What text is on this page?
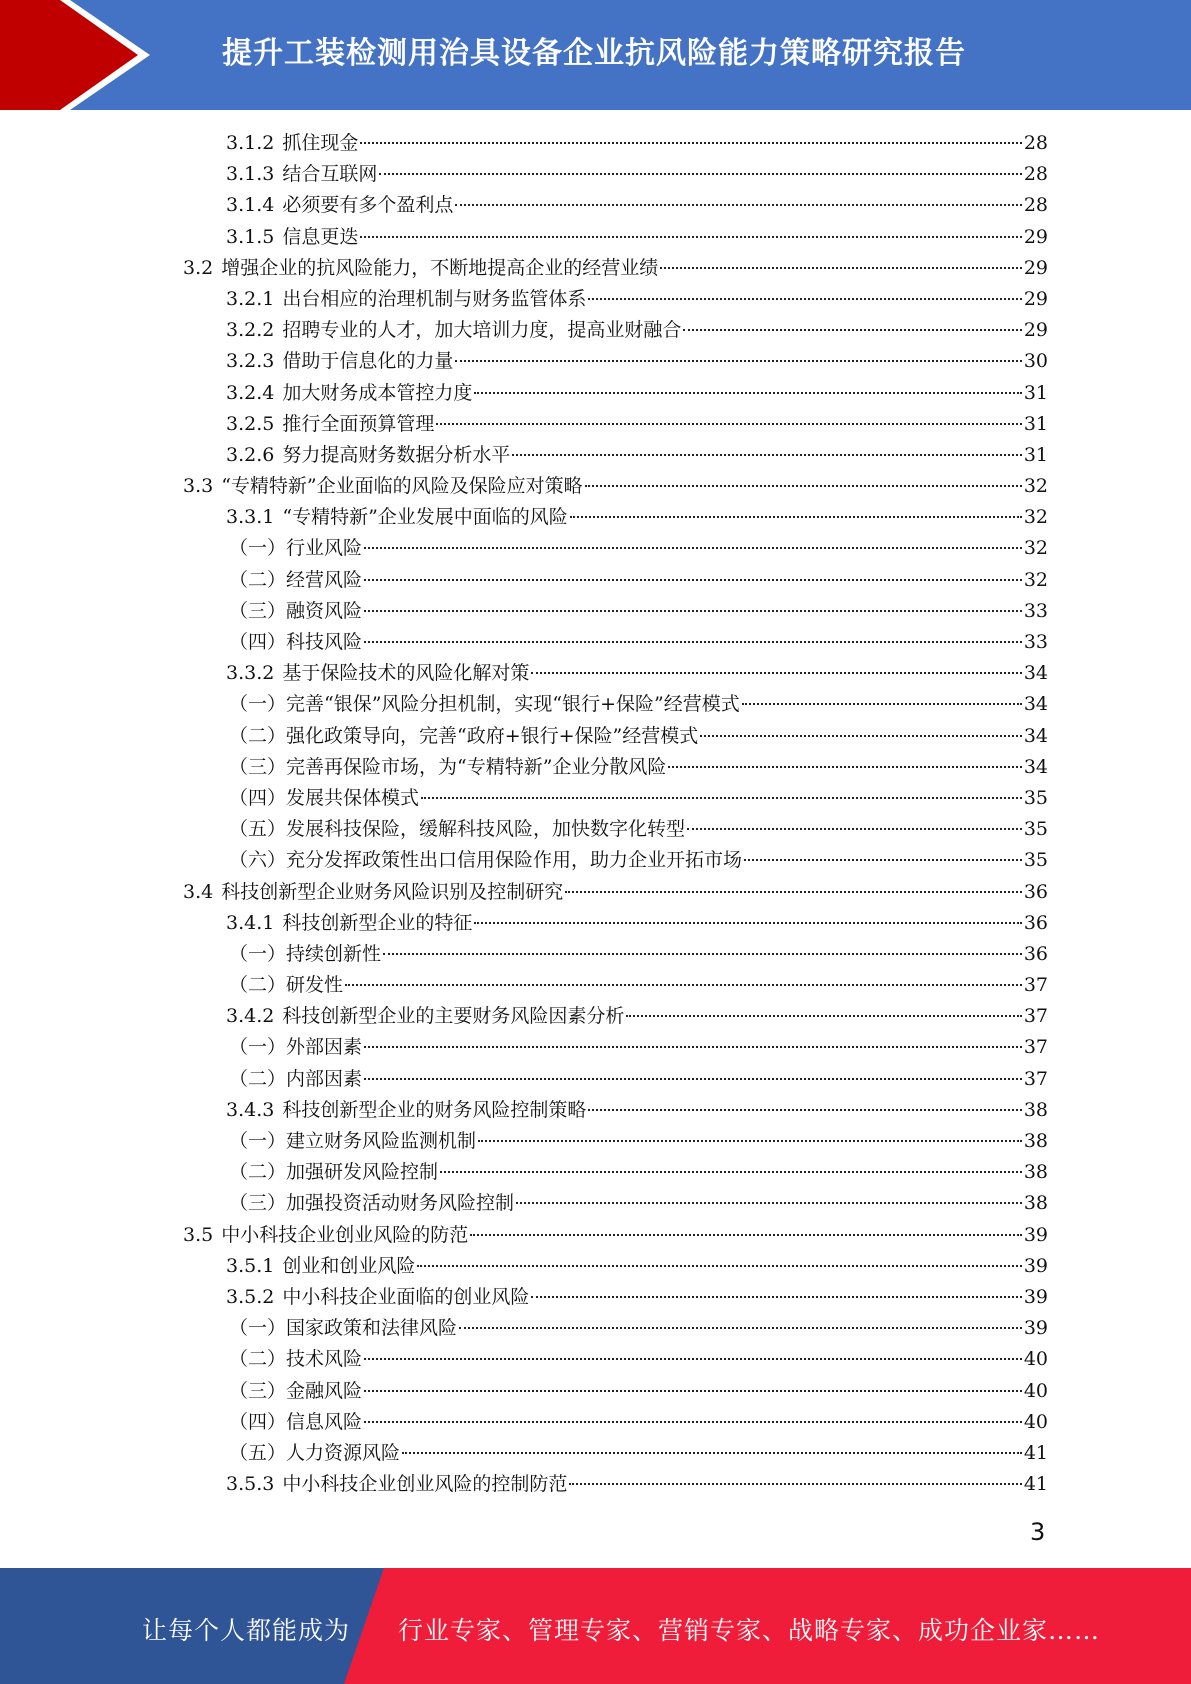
提升工装检测用治具设备企业抗风险能力策略研究报告
3.1.2 抓住现金	28
3.1.3 结合互联网	28
3.1.4 必须要有多个盈利点	28
3.1.5 信息更迭	29
3.2 增强企业的抗风险能力，不断地提高企业的经营业绩	29
3.2.1 出台相应的治理机制与财务监管体系	29
3.2.2 招聘专业的人才，加大培训力度，提高业财融合	29
3.2.3 借助于信息化的力量	30
3.2.4 加大财务成本管控力度	31
3.2.5 推行全面预算管理	31
3.2.6 努力提高财务数据分析水平	31
3.3 “专精特新”企业面临的风险及保险应对策略	32
3.3.1 “专精特新”企业发展中面临的风险	32
（一）行业风险	32
（二）经营风险	32
（三）融资风险	33
（四）科技风险	33
3.3.2 基于保险技术的风险化解对策	34
（一）完善“银保”风险分担机制，实现“银行+保险”经营模式	34
（二）强化政策导向，完善“政府+银行+保险”经营模式	34
（三）完善再保险市场，为“专精特新”企业分散风险	34
（四）发展共保体模式	35
（五）发展科技保险，缓解科技风险，加快数字化转型	35
（六）充分发挥政策性出口信用保险作用，助力企业开拓市场	35
3.4 科技创新型企业财务风险识别及控制研究	36
3.4.1 科技创新型企业的特征	36
（一）持续创新性	36
（二）研发性	37
3.4.2 科技创新型企业的主要财务风险因素分析	37
（一）外部因素	37
（二）内部因素	37
3.4.3 科技创新型企业的财务风险控制策略	38
（一）建立财务风险监测机制	38
（二）加强研发风险控制	38
（三）加强投资活动财务风险控制	38
3.5 中小科技企业创业风险的防范	39
3.5.1 创业和创业风险	39
3.5.2 中小科技企业面临的创业风险	39
（一）国家政策和法律风险	39
（二）技术风险	40
（三）金融风险	40
（四）信息风险	40
（五）人力资源风险	41
3.5.3 中小科技企业创业风险的控制防范	41
3
让每个人都能成为 行业专家、管理专家、营销专家、战略专家、成功企业家……
